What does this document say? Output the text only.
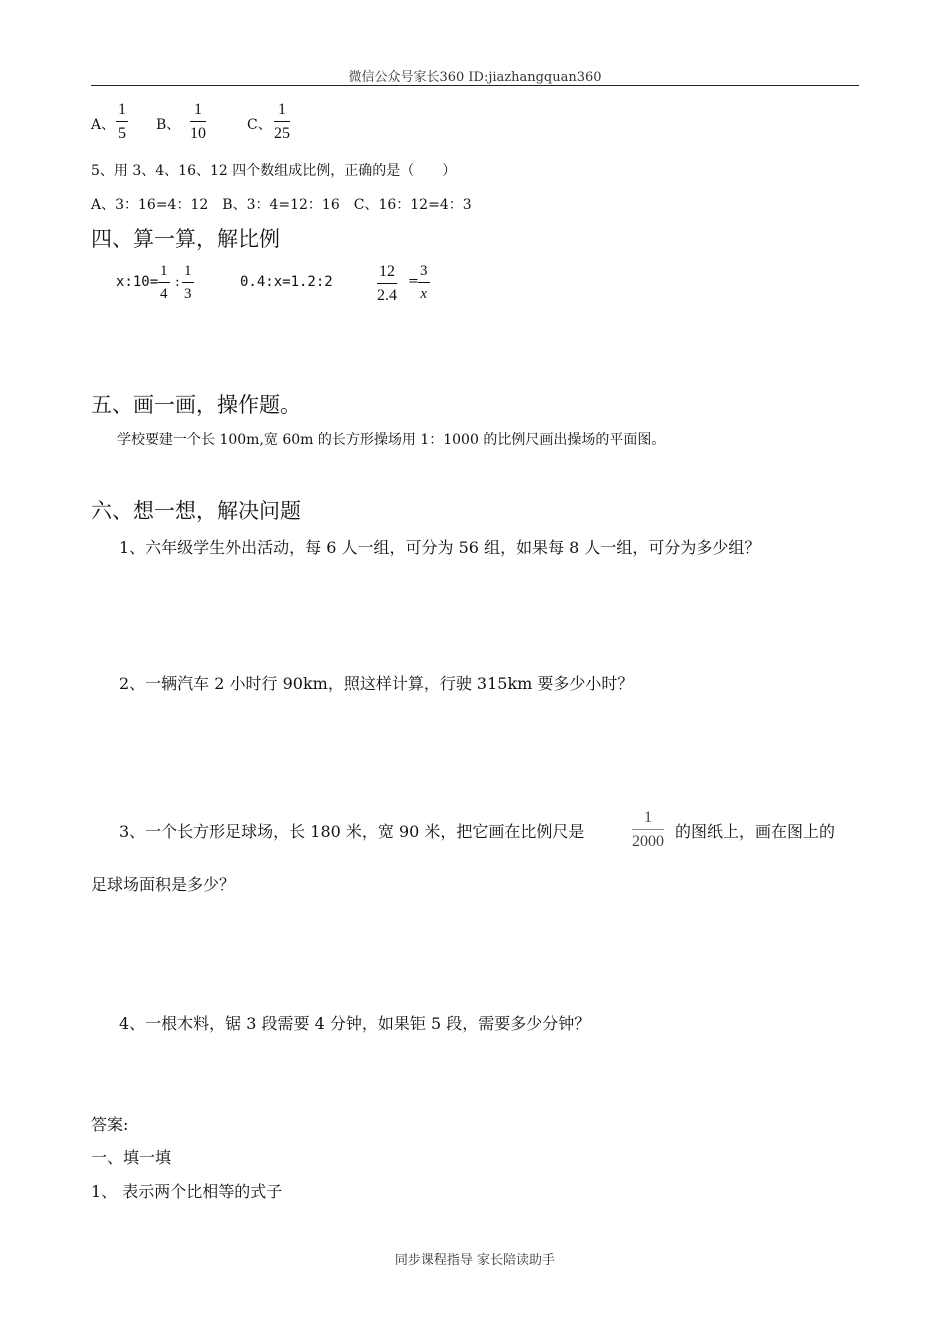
微信公众号家长360 ID:jiazhangquan360
A、
1
5 B、
1
10	C、
1
25
5、用 3、4、16、12 四个数组成比例，正确的是（　　）
A、3：16=4：12　B、3：4=12：16　C、16：12=4：3
四、算一算，解比例
x:10=
1
4
:
1
3
0.4:x=1.2:2
12
2.4
=
3
x
五、画一画，操作题。
学校要建一个长 100m,宽 60m 的长方形操场用 1：1000 的比例尺画出操场的平面图。
六、想一想，解决问题
1、六年级学生外出活动，每 6 人一组，可分为 56 组，如果每 8 人一组，可分为多少组？
2、一辆汽车 2 小时行 90km，照这样计算，行驶 315km 要多少小时？
3、一个长方形足球场，长 180 米，宽 90 米，把它画在比例尺是
1
2000
的图纸上，画在图上的
足球场面积是多少？
4、一根木料，锯 3 段需要 4 分钟，如果钜 5 段，需要多少分钟？
答案:
一、填一填
1、 表示两个比相等的式子
同步课程指导 家长陪读助手
